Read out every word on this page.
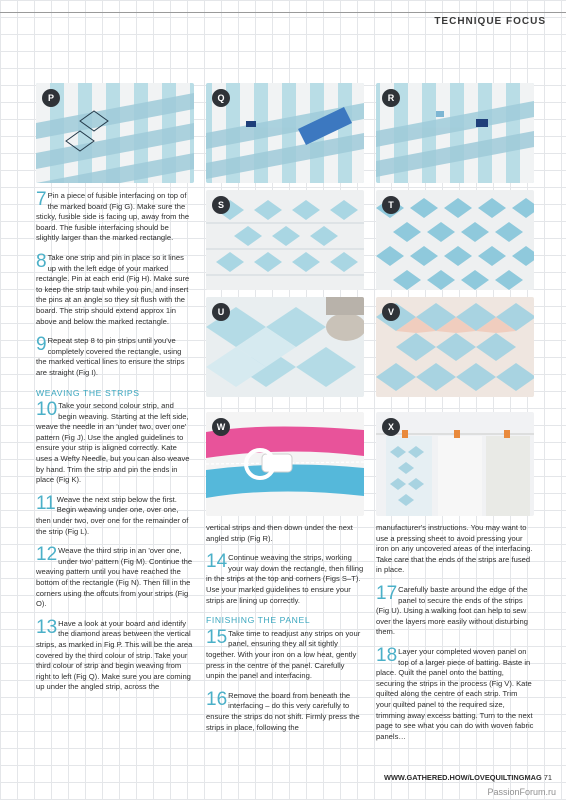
TECHNIQUE FOCUS
P	Q	R
S	T
U	V
W	X

7 Pin a piece of fusible interfacing on top of the marked board (Fig G). Make sure the sticky, fusible side is facing up, away from the board. The fusible interfacing should be slightly larger than the marked rectangle.

8 Take one strip and pin in place so it lines up with the left edge of your marked rectangle. Pin at each end (Fig H). Make sure to keep the strip taut while you pin, and insert the pins at an angle so they sit flush with the board. The strip should extend approx 1in above and below the marked rectangle.

9 Repeat step 8 to pin strips until you've completely covered the rectangle, using the marked vertical lines to ensure the strips are straight (Fig I).

WEAVING THE STRIPS

10 Take your second colour strip, and begin weaving. Starting at the left side, weave the needle in an 'under two, over one' pattern (Fig J). Use the angled guidelines to ensure your strip is aligned correctly. Kate uses a Wefty Needle, but you can also weave by hand. Trim the strip and pin the ends in place (Fig K).

11 Weave the next strip below the first. Begin weaving under one, over one, then under two, over one for the remainder of the strip (Fig L).

12 Weave the third strip in an 'over one, under two' pattern (Fig M). Continue the weaving pattern until you have reached the bottom of the rectangle (Fig N). Then fill in the corners using the offcuts from your strips (Fig O).

13 Have a look at your board and identify the diamond areas between the vertical strips, as marked in Fig P. This will be the area covered by the third colour of strip. Take your third colour of strip and begin weaving from right to left (Fig Q). Make sure you are coming up under the angled strip, across the

vertical strips and then down under the next angled strip (Fig R).

14 Continue weaving the strips, working your way down the rectangle, then filling in the strips at the top and corners (Figs S–T). Use your marked guidelines to ensure your strips are lining up correctly.

FINISHING THE PANEL

15 Take time to readjust any strips on your panel, ensuring they all sit tightly together. With your iron on a low heat, gently press in the centre of the panel. Carefully unpin the panel and interfacing.

16 Remove the board from beneath the interfacing – do this very carefully to ensure the strips do not shift. Firmly press the strips in place, following the

manufacturer's instructions. You may want to use a pressing sheet to avoid pressing your iron on any uncovered areas of the interfacing. Take care that the ends of the strips are fused in place.

17 Carefully baste around the edge of the panel to secure the ends of the strips (Fig U). Using a walking foot can help to sew over the layers more easily without disturbing them.

18 Layer your completed woven panel on top of a larger piece of batting. Baste in place. Quilt the panel onto the batting, securing the strips in the process (Fig V). Kate quilted along the centre of each strip. Trim your quilted panel to the required size, trimming away excess batting. Turn to the next page to see what you can do with woven fabric panels…

WWW.GATHERED.HOW/LOVEQUILTINGMAG 71
PassionForum.ru
